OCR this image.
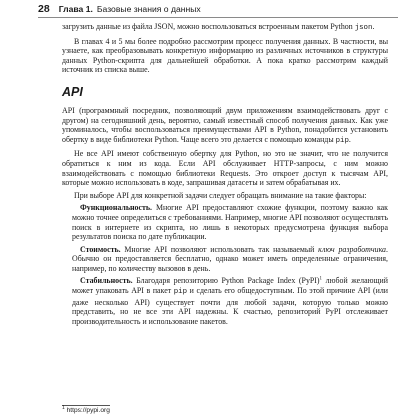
28 Глава 1. Базовые знания о данных

загрузить данные из файла JSON, можно воспользоваться встроенным пакетом Python json.

В главах 4 и 5 мы более подробно рассмотрим процесс получения данных. В частности, вы узнаете, как преобразовывать конкретную информацию из различных источников в структуры данных Python-скрипта для дальнейшей обработки. А пока кратко рассмотрим каждый источник из списка выше.

API

API (программный посредник, позволяющий двум приложениям взаимодействовать друг с другом) на сегодняшний день, вероятно, самый известный способ получения данных. Как уже упоминалось, чтобы воспользоваться преимуществами API в Python, понадобится установить обертку в виде библиотеки Python. Чаще всего это делается с помощью команды pip.

Не все API имеют собственную обертку для Python, но это не значит, что не получится обратиться к ним из кода. Если API обслуживает HTTP-запросы, с ним можно взаимодействовать с помощью библиотеки Requests. Это откроет доступ к тысячам API, которые можно использовать в коде, запрашивая датасеты и затем обрабатывая их.

При выборе API для конкретной задачи следует обращать внимание на такие факторы:

Функциональность. Многие API предоставляют схожие функции, поэтому важно как можно точнее определиться с требованиями. Например, многие API позволяют осуществлять поиск в интернете из скрипта, но лишь в некоторых предусмотрена функция выбора результатов поиска по дате публикации.

Стоимость. Многие API позволяют использовать так называемый ключ разработчика. Обычно он предоставляется бесплатно, однако может иметь определенные ограничения, например, по количеству вызовов в день.

Стабильность. Благодаря репозиторию Python Package Index (PyPI)$^1$ любой желающий может упаковать API в пакет pip и сделать его общедоступным. По этой причине API (или даже несколько API) существует почти для любой задачи, которую только можно представить, но не все эти API надежны. К счастью, репозиторий PyPI отслеживает производительность и использование пакетов.

$^1$ https://pypi.org
